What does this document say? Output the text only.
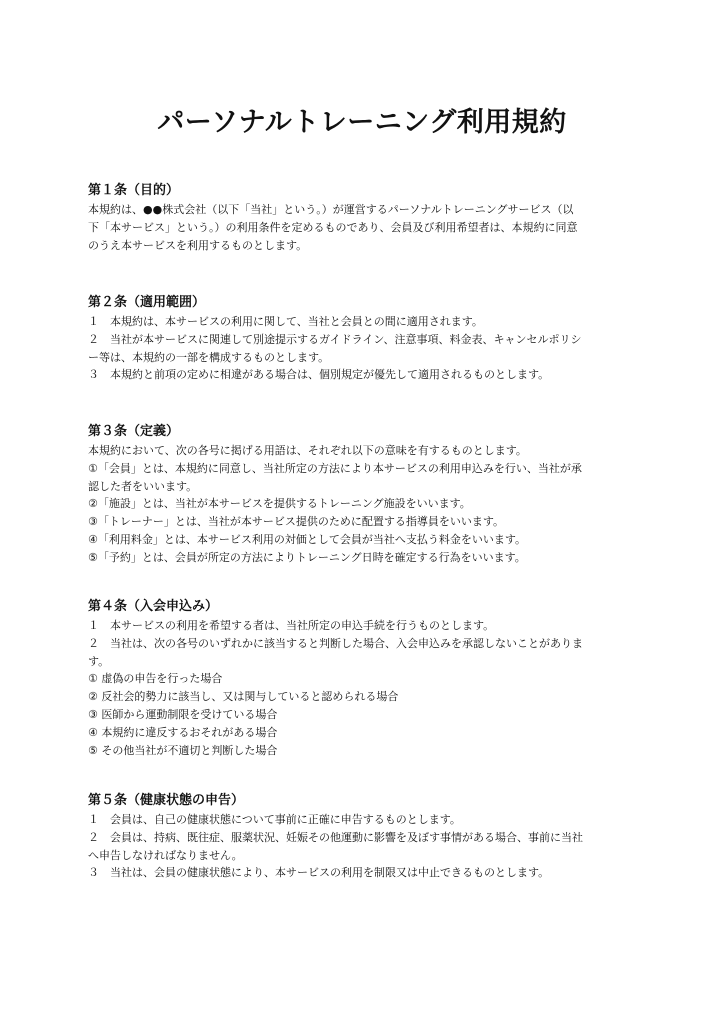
パーソナルトレーニング利用規約
第１条（目的）

本規約は、●●株式会社（以下「当社」という。）が運営するパーソナルトレーニングサービス（以

下「本サービス」という。）の利用条件を定めるものであり、会員及び利用希望者は、本規約に同意

のうえ本サービスを利用するものとします。

第２条（適用範囲）

１　本規約は、本サービスの利用に関して、当社と会員との間に適用されます。

２　当社が本サービスに関連して別途提示するガイドライン、注意事項、料金表、キャンセルポリシ

ー等は、本規約の一部を構成するものとします。

３　本規約と前項の定めに相違がある場合は、個別規定が優先して適用されるものとします。

第３条（定義）

本規約において、次の各号に掲げる用語は、それぞれ以下の意味を有するものとします。

①「会員」とは、本規約に同意し、当社所定の方法により本サービスの利用申込みを行い、当社が承

認した者をいいます。

②「施設」とは、当社が本サービスを提供するトレーニング施設をいいます。

③「トレーナー」とは、当社が本サービス提供のために配置する指導員をいいます。

④「利用料金」とは、本サービス利用の対価として会員が当社へ支払う料金をいいます。

⑤「予約」とは、会員が所定の方法によりトレーニング日時を確定する行為をいいます。

第４条（入会申込み）

１　本サービスの利用を希望する者は、当社所定の申込手続を行うものとします。

２　当社は、次の各号のいずれかに該当すると判断した場合、入会申込みを承認しないことがありま

す。

① 虚偽の申告を行った場合

② 反社会的勢力に該当し、又は関与していると認められる場合

③ 医師から運動制限を受けている場合

④ 本規約に違反するおそれがある場合

⑤ その他当社が不適切と判断した場合

第５条（健康状態の申告）

１　会員は、自己の健康状態について事前に正確に申告するものとします。

２　会員は、持病、既往症、服薬状況、妊娠その他運動に影響を及ぼす事情がある場合、事前に当社

へ申告しなければなりません。

３　当社は、会員の健康状態により、本サービスの利用を制限又は中止できるものとします。
